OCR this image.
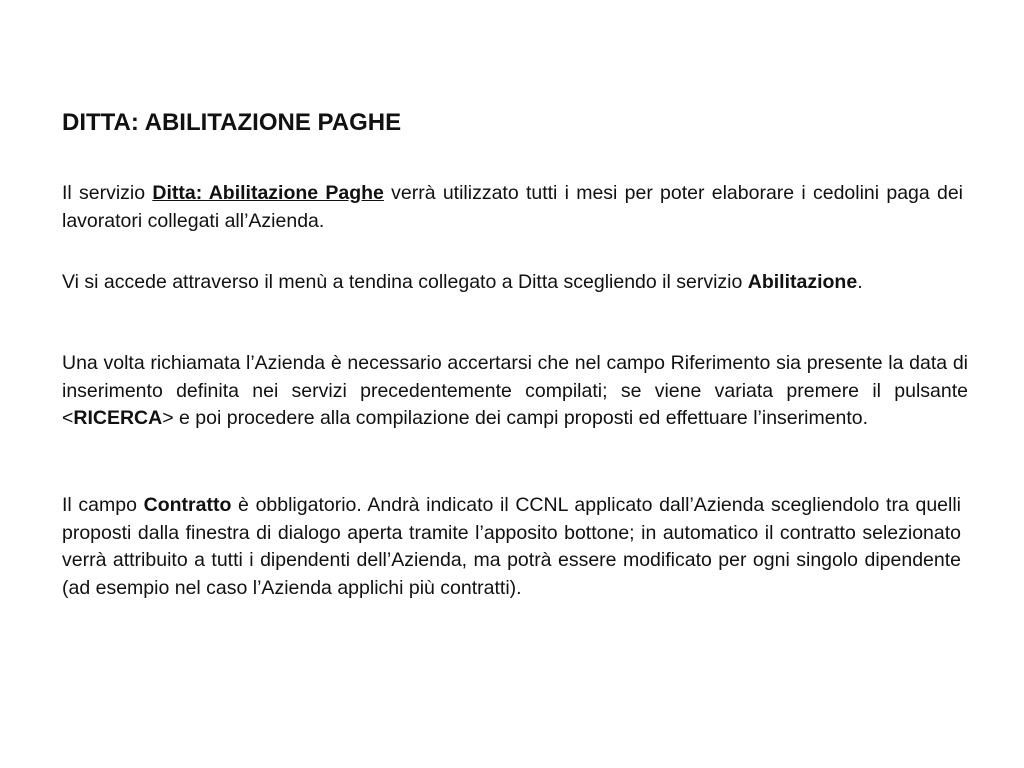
DITTA: ABILITAZIONE PAGHE

Il servizio Ditta: Abilitazione Paghe verrà utilizzato tutti i mesi per poter elaborare i cedolini paga dei lavoratori collegati all’Azienda.

Vi si accede attraverso il menù a tendina collegato a Ditta scegliendo il servizio Abilitazione.

Una volta richiamata l’Azienda è necessario accertarsi che nel campo Riferimento sia presente la data di inserimento definita nei servizi precedentemente compilati; se viene variata premere il pulsante <RICERCA> e poi procedere alla compilazione dei campi proposti ed effettuare l’inserimento.

Il campo Contratto è obbligatorio. Andrà indicato il CCNL applicato dall’Azienda scegliendolo tra quelli proposti dalla finestra di dialogo aperta tramite l’apposito bottone; in automatico il contratto selezionato verrà attribuito a tutti i dipendenti dell’Azienda, ma potrà essere modificato per ogni singolo dipendente (ad esempio nel caso l’Azienda applichi più contratti).
